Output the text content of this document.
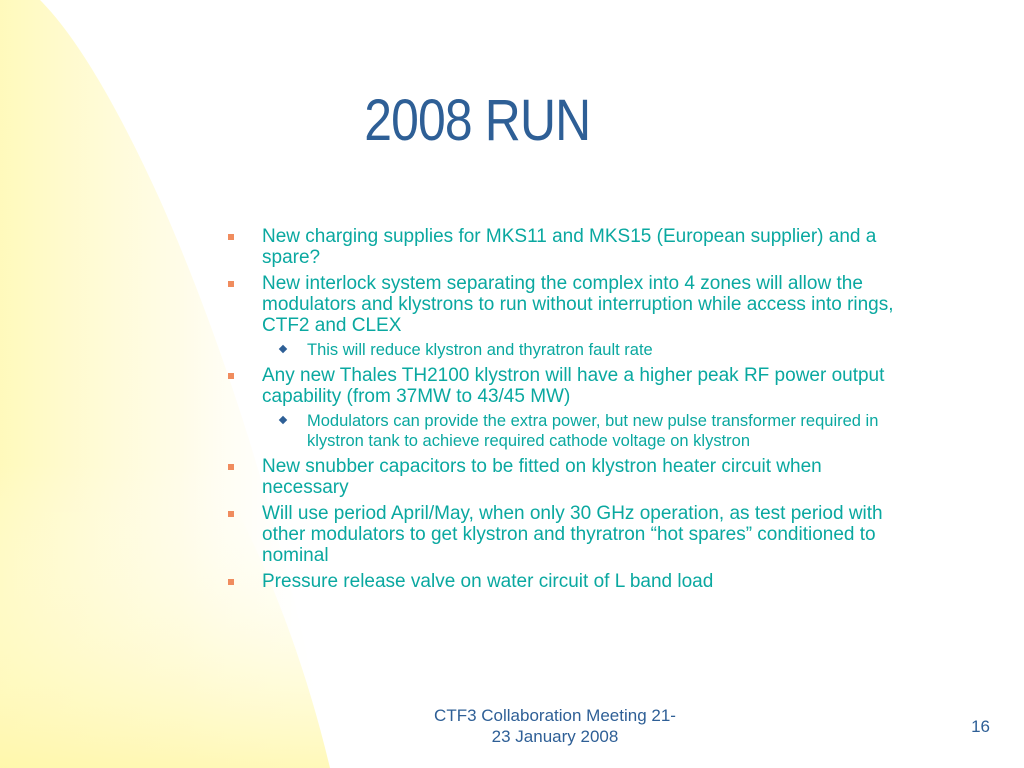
2008 RUN
New charging supplies for MKS11 and MKS15 (European supplier) and a spare?
New interlock system separating the complex into 4 zones will allow the modulators and klystrons to run without interruption while access into rings, CTF2 and CLEX
This will reduce klystron and thyratron fault rate
Any new Thales TH2100 klystron will have a higher peak RF power output capability (from 37MW to 43/45 MW)
Modulators can provide the extra power, but new pulse transformer required in klystron tank to achieve required cathode voltage on klystron
New snubber capacitors to be fitted on klystron heater circuit when necessary
Will use period April/May, when only 30 GHz operation, as test period with other modulators to get klystron and thyratron “hot spares” conditioned to nominal
Pressure release valve on water circuit of L band load
CTF3 Collaboration Meeting 21-
23 January 2008
16
